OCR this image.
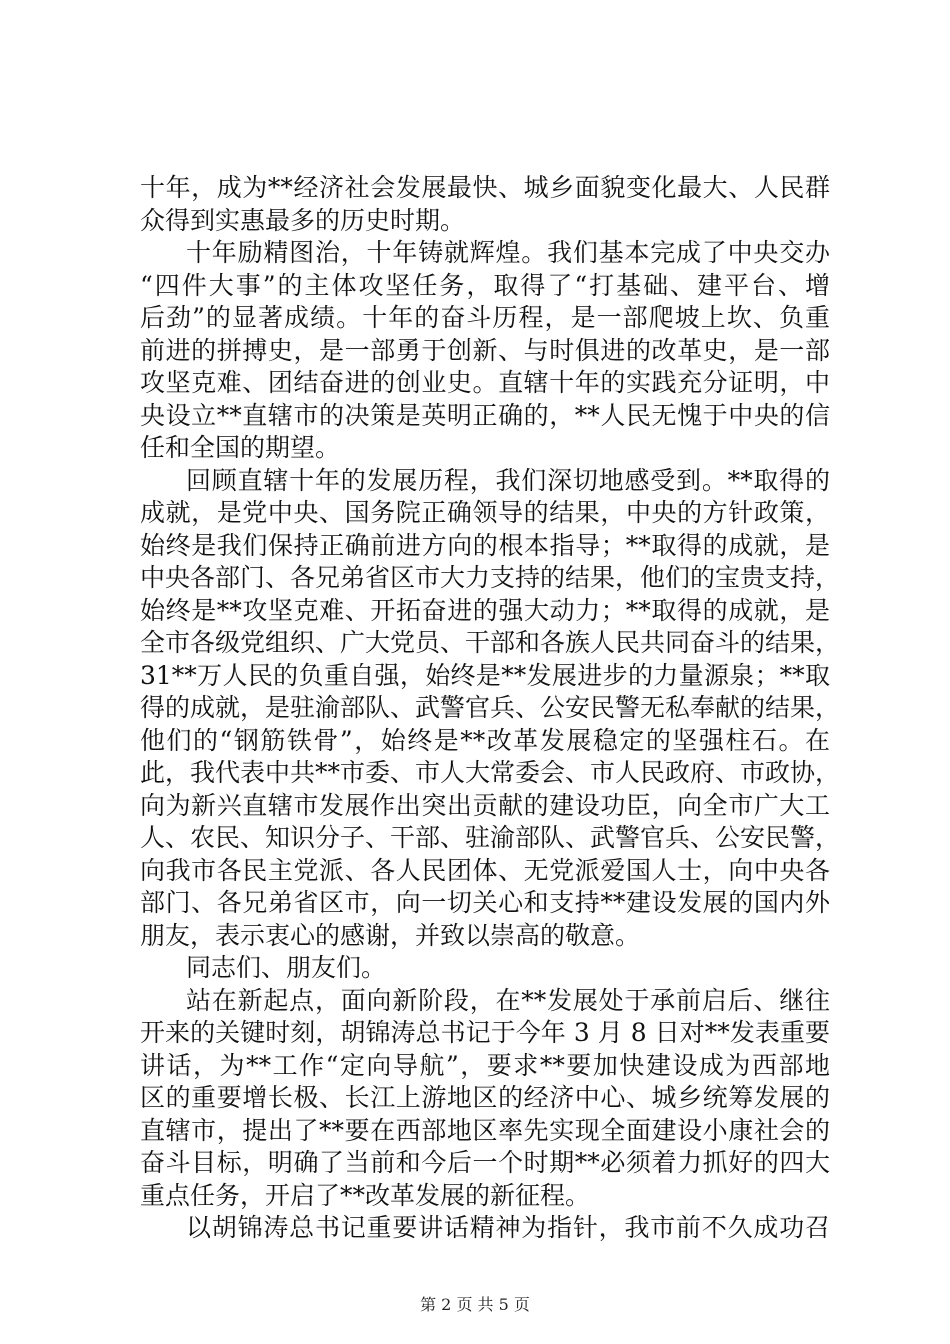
十年，成为**经济社会发展最快、城乡面貌变化最大、人民群
众得到实惠最多的历史时期。
十年励精图治，十年铸就辉煌。我们基本完成了中央交办
“四件大事”的主体攻坚任务，取得了“打基础、建平台、增
后劲”的显著成绩。十年的奋斗历程，是一部爬坡上坎、负重
前进的拼搏史，是一部勇于创新、与时俱进的改革史，是一部
攻坚克难、团结奋进的创业史。直辖十年的实践充分证明，中
央设立**直辖市的决策是英明正确的，**人民无愧于中央的信
任和全国的期望。
回顾直辖十年的发展历程，我们深切地感受到。**取得的
成就，是党中央、国务院正确领导的结果，中央的方针政策，
始终是我们保持正确前进方向的根本指导；**取得的成就，是
中央各部门、各兄弟省区市大力支持的结果，他们的宝贵支持，
始终是**攻坚克难、开拓奋进的强大动力；**取得的成就，是
全市各级党组织、广大党员、干部和各族人民共同奋斗的结果，
31**万人民的负重自强，始终是**发展进步的力量源泉；**取
得的成就，是驻渝部队、武警官兵、公安民警无私奉献的结果，
他们的“钢筋铁骨”，始终是**改革发展稳定的坚强柱石。在
此，我代表中共**市委、市人大常委会、市人民政府、市政协，
向为新兴直辖市发展作出突出贡献的建设功臣，向全市广大工
人、农民、知识分子、干部、驻渝部队、武警官兵、公安民警，
向我市各民主党派、各人民团体、无党派爱国人士，向中央各
部门、各兄弟省区市，向一切关心和支持**建设发展的国内外
朋友，表示衷心的感谢，并致以崇高的敬意。
同志们、朋友们。
站在新起点，面向新阶段，在**发展处于承前启后、继往
开来的关键时刻，胡锦涛总书记于今年 3 月 8 日对**发表重要
讲话，为**工作“定向导航”，要求**要加快建设成为西部地
区的重要增长极、长江上游地区的经济中心、城乡统筹发展的
直辖市，提出了**要在西部地区率先实现全面建设小康社会的
奋斗目标，明确了当前和今后一个时期**必须着力抓好的四大
重点任务，开启了**改革发展的新征程。
以胡锦涛总书记重要讲话精神为指针，我市前不久成功召
第 2 页 共 5 页
